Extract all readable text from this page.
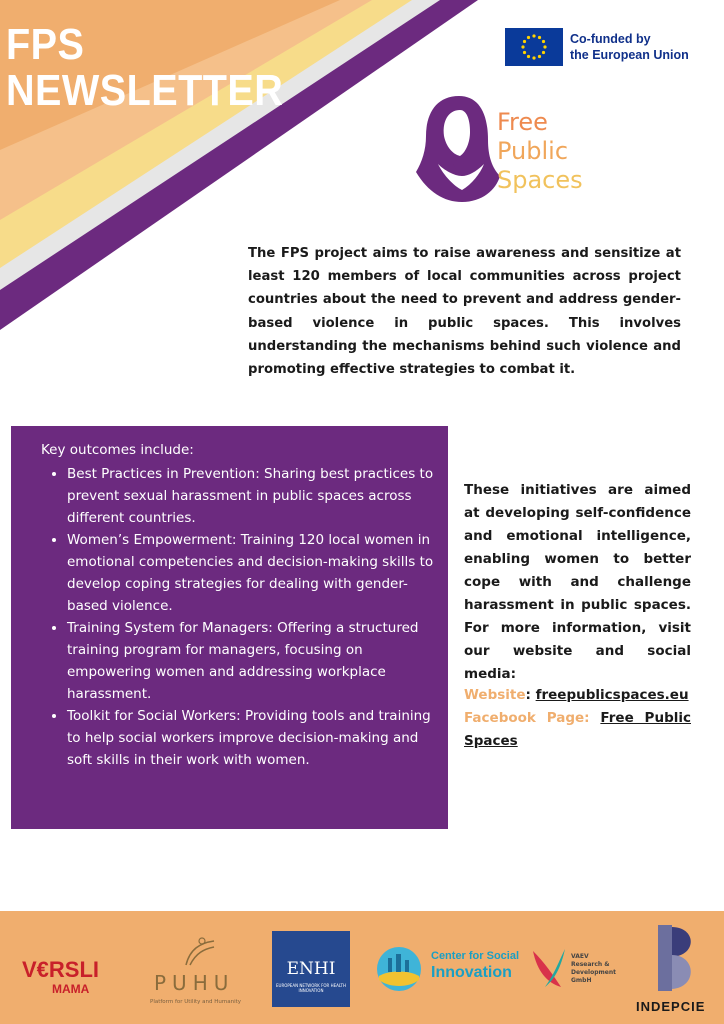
FPS
NEWSLETTER
Co-funded by
the European Union
Free
Public
Spaces

The FPS project aims to raise awareness and sensitize at least 120 members of local communities across project countries about the need to prevent and address gender-based violence in public spaces. This involves understanding the mechanisms behind such violence and promoting effective strategies to combat it.

Key outcomes include:

• Best Practices in Prevention: Sharing best practices to prevent sexual harassment in public spaces across different countries.
• Women’s Empowerment: Training 120 local women in emotional competencies and decision-making skills to develop coping strategies for dealing with gender-based violence.
• Training System for Managers: Offering a structured training program for managers, focusing on empowering women and addressing workplace harassment.
• Toolkit for Social Workers: Providing tools and training to help social workers improve decision-making and soft skills in their work with women.

These initiatives are aimed at developing self-confidence and emotional intelligence, enabling women to better cope with and challenge harassment in public spaces. For more information, visit our website and social media:

Website: freepublicspaces.eu
Facebook Page: Free Public Spaces
V€RSLI
MAMA	PUHU
Platform for Utility and Humanity
ENHI
EUROPEAN NETWORK FOR HEALTH INNOVATION
Center for Social
Innovation
VAEV
Research &
Development
GmbH
INDEPCIE
